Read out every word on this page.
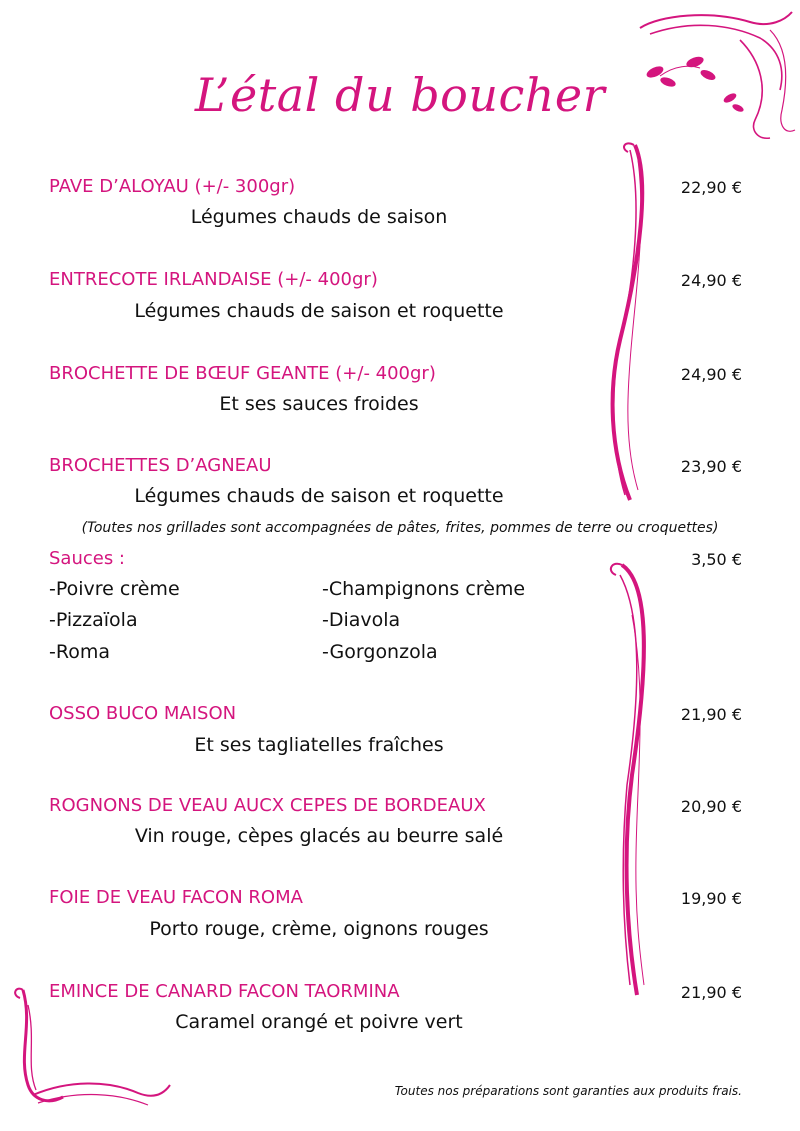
L’étal du boucher
PAVE D’ALOYAU (+/- 300gr)	22,90 €
Légumes chauds de saison
ENTRECOTE IRLANDAISE (+/- 400gr)	24,90 €
Légumes chauds de saison et roquette
BROCHETTE DE BŒUF GEANTE (+/- 400gr)	24,90 €
Et ses sauces froides
BROCHETTES D’AGNEAU	23,90 €
Légumes chauds de saison et roquette
(Toutes nos grillades sont accompagnées de pâtes, frites, pommes de terre ou croquettes)
Sauces :	3,50 €
-Poivre crème
-Pizzaïola
-Roma
-Champignons crème
-Diavola
-Gorgonzola
OSSO BUCO MAISON	21,90 €
Et ses tagliatelles fraîches
ROGNONS DE VEAU AUCX CEPES DE BORDEAUX	20,90 €
Vin rouge, cèpes glacés au beurre salé
FOIE DE VEAU FACON ROMA	19,90 €
Porto rouge, crème, oignons rouges
EMINCE DE CANARD FACON TAORMINA	21,90 €
Caramel orangé et poivre vert
Toutes nos préparations sont garanties aux produits frais.
